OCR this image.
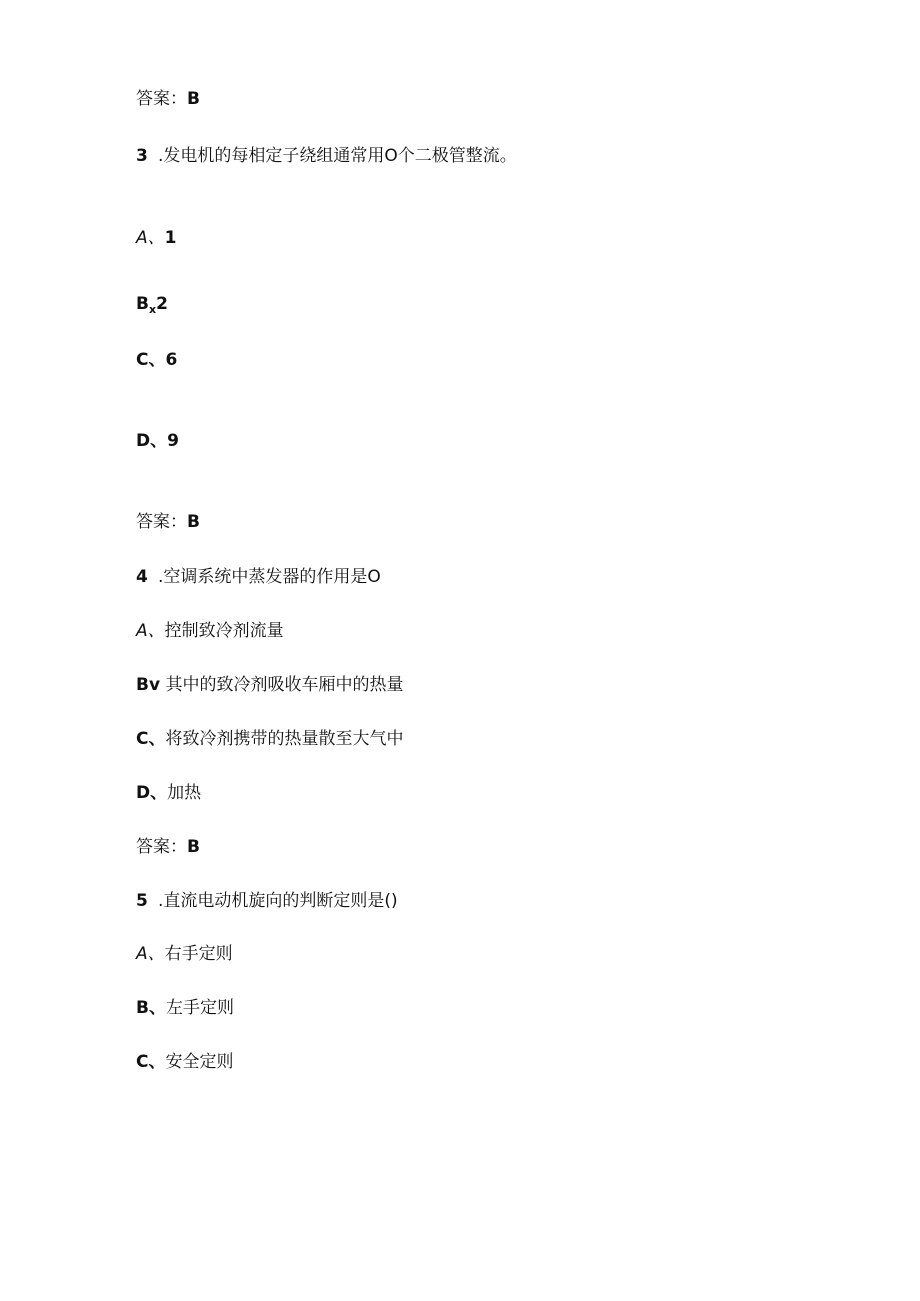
答案：B
3 .发电机的每相定子绕组通常用O个二极管整流。
A、1
$B_x2$
C、6
D、9
答案：B
4 .空调系统中蒸发器的作用是O
A、控制致冷剂流量
Bv 其中的致冷剂吸收车厢中的热量
C、将致冷剂携带的热量散至大气中
D、加热
答案：B
5 .直流电动机旋向的判断定则是()
A、右手定则
B、左手定则
C、安全定则
